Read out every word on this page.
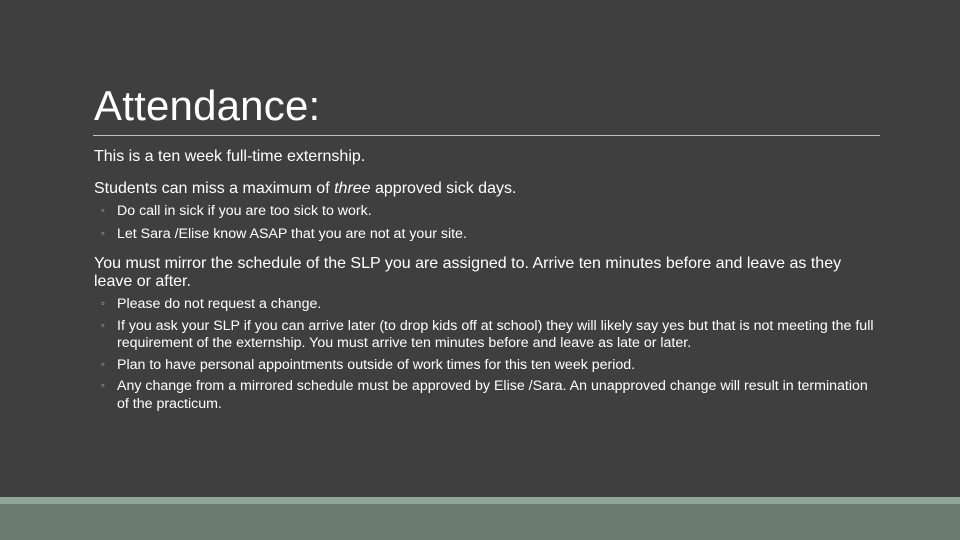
Attendance:

This is a ten week full-time externship.

Students can miss a maximum of three approved sick days.

◦ Do call in sick if you are too sick to work.
◦ Let Sara /Elise know ASAP that you are not at your site.

You must mirror the schedule of the SLP you are assigned to. Arrive ten minutes before and leave as they leave or after.

◦ Please do not request a change.
◦ If you ask your SLP if you can arrive later (to drop kids off at school) they will likely say yes but that is not meeting the full requirement of the externship. You must arrive ten minutes before and leave as late or later.
◦ Plan to have personal appointments outside of work times for this ten week period.
◦ Any change from a mirrored schedule must be approved by Elise /Sara. An unapproved change will result in termination of the practicum.
